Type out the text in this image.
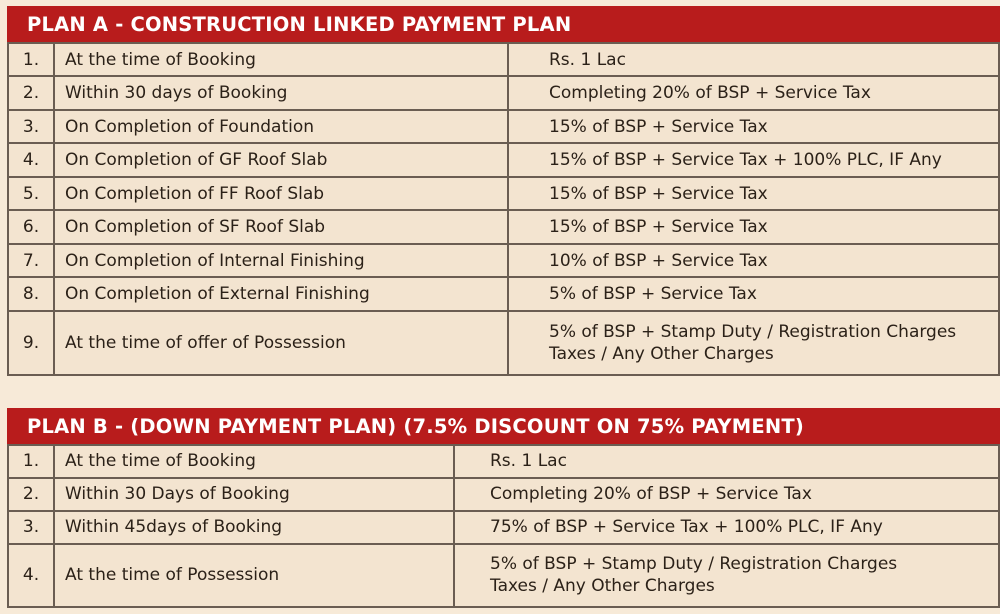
PLAN A - CONSTRUCTION LINKED PAYMENT PLAN
1.	At the time of Booking	Rs. 1 Lac

2.	Within 30 days of Booking	Completing 20% of BSP + Service Tax

3.	On Completion of Foundation	15% of BSP + Service Tax

4.	On Completion of GF Roof Slab	15% of BSP + Service Tax + 100% PLC, IF Any

5.	On Completion of FF Roof Slab	15% of BSP + Service Tax

6.	On Completion of SF Roof Slab	15% of BSP + Service Tax

7.	On Completion of Internal Finishing	10% of BSP + Service Tax

8.	On Completion of External Finishing	5% of BSP + Service Tax

9.	At the time of offer of Possession	5% of BSP + Stamp Duty / Registration Charges
Taxes / Any Other Charges
PLAN B - (DOWN PAYMENT PLAN) (7.5% DISCOUNT ON 75% PAYMENT)
1.	At the time of Booking	Rs. 1 Lac

2.	Within 30 Days of Booking	Completing 20% of BSP + Service Tax

3.	Within 45days of Booking	75% of BSP + Service Tax + 100% PLC, IF Any

4.	At the time of Possession	5% of BSP + Stamp Duty / Registration Charges
Taxes / Any Other Charges
